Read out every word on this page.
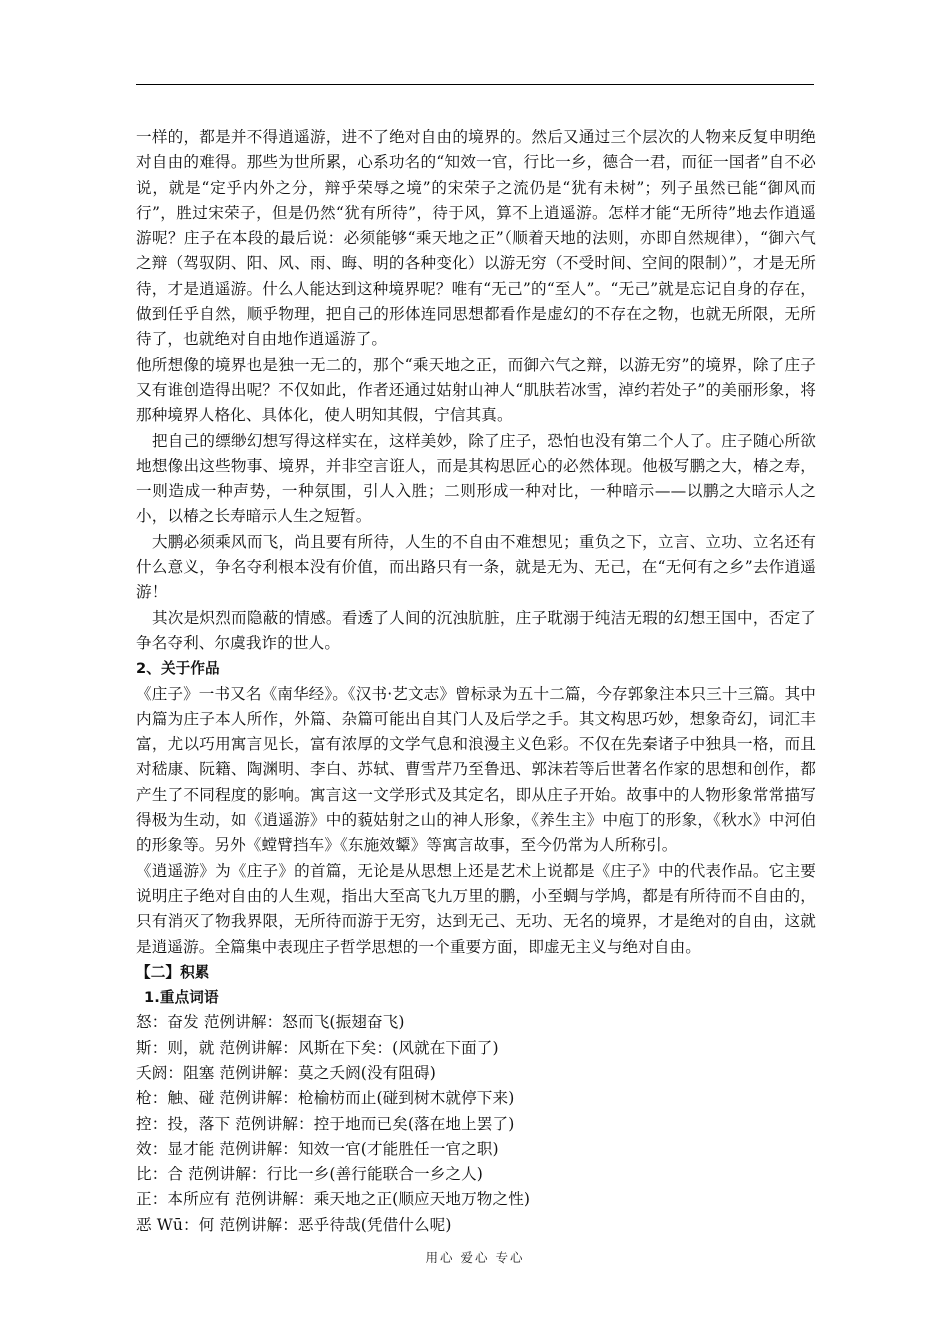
一样的，都是并不得逍遥游，进不了绝对自由的境界的。然后又通过三个层次的人物来反复申明绝对自由的难得。那些为世所累，心系功名的“知效一官，行比一乡，德合一君，而征一国者”自不必说，就是“定乎内外之分，辩乎荣辱之境”的宋荣子之流仍是“犹有未树”；列子虽然已能“御风而行”，胜过宋荣子，但是仍然“犹有所待”，待于风，算不上逍遥游。怎样才能“无所待”地去作逍遥游呢？庄子在本段的最后说：必须能够“乘天地之正”（顺着天地的法则，亦即自然规律），“御六气之辩（驾驭阴、阳、风、雨、晦、明的各种变化）以游无穷（不受时间、空间的限制）”，才是无所待，才是逍遥游。什么人能达到这种境界呢？唯有“无己”的“至人”。“无己”就是忘记自身的存在，做到任乎自然，顺乎物理，把自己的形体连同思想都看作是虚幻的不存在之物，也就无所限，无所待了，也就绝对自由地作逍遥游了。

他所想像的境界也是独一无二的，那个“乘天地之正，而御六气之辩，以游无穷”的境界，除了庄子又有谁创造得出呢？不仅如此，作者还通过姑射山神人“肌肤若冰雪，淖约若处子”的美丽形象，将那种境界人格化、具体化，使人明知其假，宁信其真。

把自己的缥缈幻想写得这样实在，这样美妙，除了庄子，恐怕也没有第二个人了。庄子随心所欲地想像出这些物事、境界，并非空言诳人，而是其构思匠心的必然体现。他极写鹏之大，椿之寿，一则造成一种声势，一种氛围，引人入胜；二则形成一种对比，一种暗示——以鹏之大暗示人之小，以椿之长寿暗示人生之短暂。

大鹏必须乘风而飞，尚且要有所待，人生的不自由不难想见；重负之下，立言、立功、立名还有什么意义，争名夺利根本没有价值，而出路只有一条，就是无为、无己，在“无何有之乡”去作逍遥游！

其次是炽烈而隐蔽的情感。看透了人间的沉浊肮脏，庄子耽溺于纯洁无瑕的幻想王国中，否定了争名夺利、尔虞我诈的世人。

2、关于作品

《庄子》一书又名《南华经》。《汉书·艺文志》曾标录为五十二篇，今存郭象注本只三十三篇。其中内篇为庄子本人所作，外篇、杂篇可能出自其门人及后学之手。其文构思巧妙，想象奇幻，词汇丰富，尤以巧用寓言见长，富有浓厚的文学气息和浪漫主义色彩。不仅在先秦诸子中独具一格，而且对嵇康、阮籍、陶渊明、李白、苏轼、曹雪芹乃至鲁迅、郭沫若等后世著名作家的思想和创作，都产生了不同程度的影响。寓言这一文学形式及其定名，即从庄子开始。故事中的人物形象常常描写得极为生动，如《逍遥游》中的藐姑射之山的神人形象，《养生主》中庖丁的形象，《秋水》中河伯的形象等。另外《螳臂挡车》《东施效颦》等寓言故事，至今仍常为人所称引。

《逍遥游》为《庄子》的首篇，无论是从思想上还是艺术上说都是《庄子》中的代表作品。它主要说明庄子绝对自由的人生观，指出大至高飞九万里的鹏，小至蜩与学鸠，都是有所待而不自由的，只有消灭了物我界限，无所待而游于无穷，达到无己、无功、无名的境界，才是绝对的自由，这就是逍遥游。全篇集中表现庄子哲学思想的一个重要方面，即虚无主义与绝对自由。

【二】积累

1.重点词语

怒：奋发 范例讲解：怒而飞(振翅奋飞)

斯：则，就 范例讲解：风斯在下矣：(风就在下面了)

夭阏：阻塞 范例讲解：莫之夭阏(没有阻碍)

枪：触、碰 范例讲解：枪榆枋而止(碰到树木就停下来)

控：投，落下 范例讲解：控于地而已矣(落在地上罢了)

效：显才能 范例讲解：知效一官(才能胜任一官之职)

比：合 范例讲解：行比一乡(善行能联合一乡之人)

正：本所应有 范例讲解：乘天地之正(顺应天地万物之性)

恶 Wū：何 范例讲解：恶乎待哉(凭借什么呢)

用心 爱心 专心
